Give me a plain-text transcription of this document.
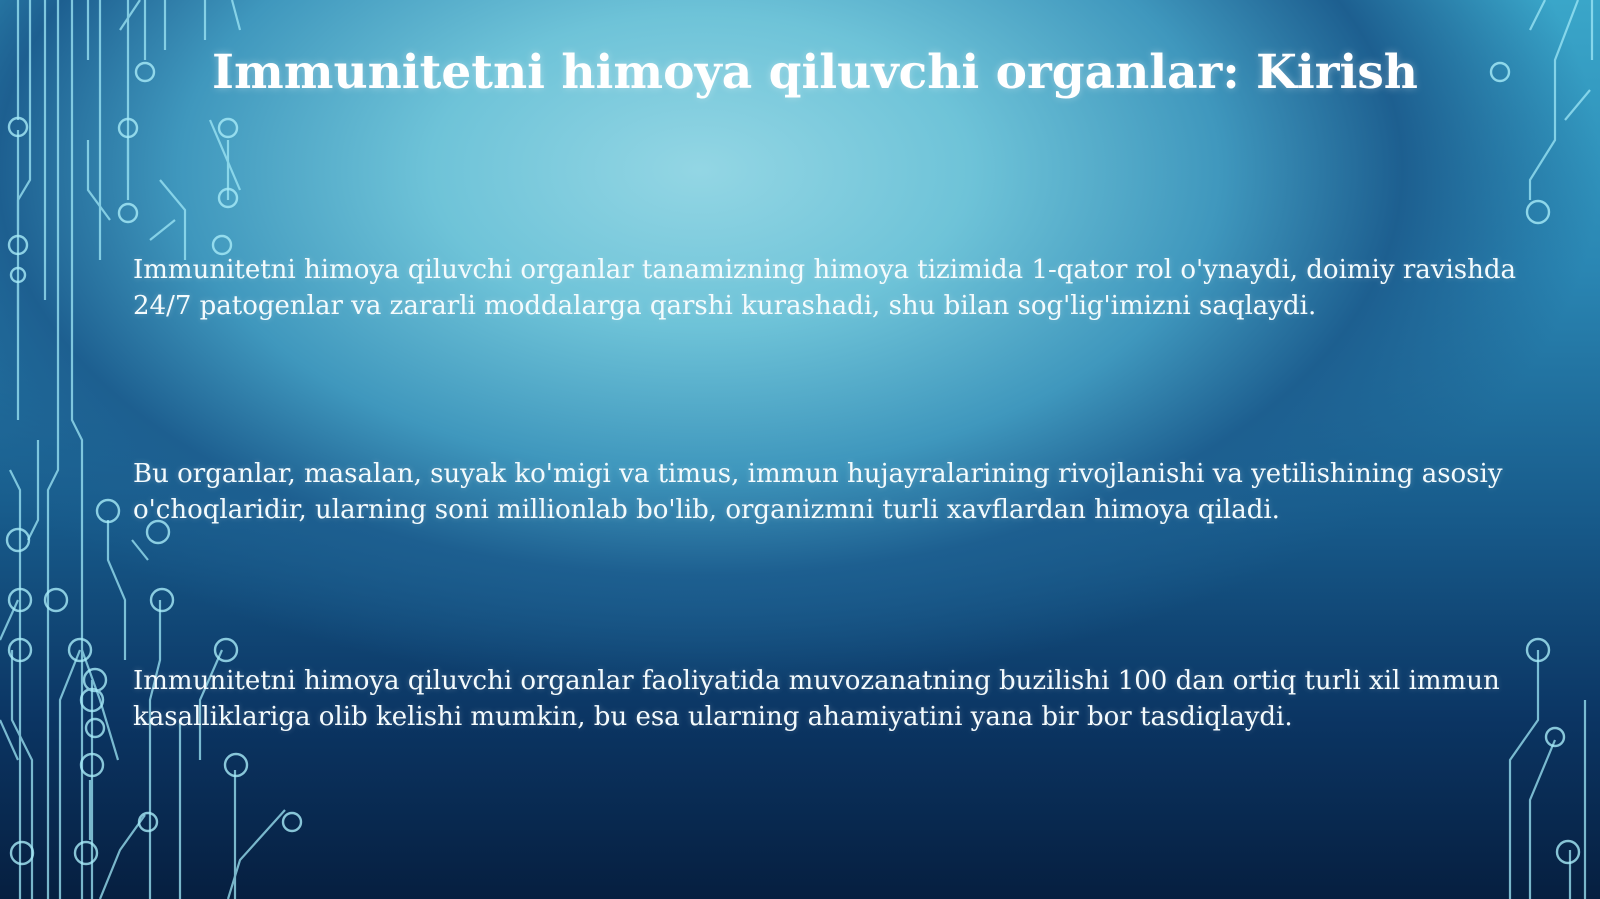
Immunitetni himoya qiluvchi organlar: Kirish
Immunitetni himoya qiluvchi organlar tanamizning himoya tizimida 1-qator rol o'ynaydi, doimiy ravishda 24/7 patogenlar va zararli moddalarga qarshi kurashadi, shu bilan sog'lig'imizni saqlaydi.
Bu organlar, masalan, suyak ko'migi va timus, immun hujayralarining rivojlanishi va yetilishining asosiy o'choqlaridir, ularning soni millionlab bo'lib, organizmni turli xavflardan himoya qiladi.
Immunitetni himoya qiluvchi organlar faoliyatida muvozanatning buzilishi 100 dan ortiq turli xil immun kasalliklariga olib kelishi mumkin, bu esa ularning ahamiyatini yana bir bor tasdiqlaydi.
